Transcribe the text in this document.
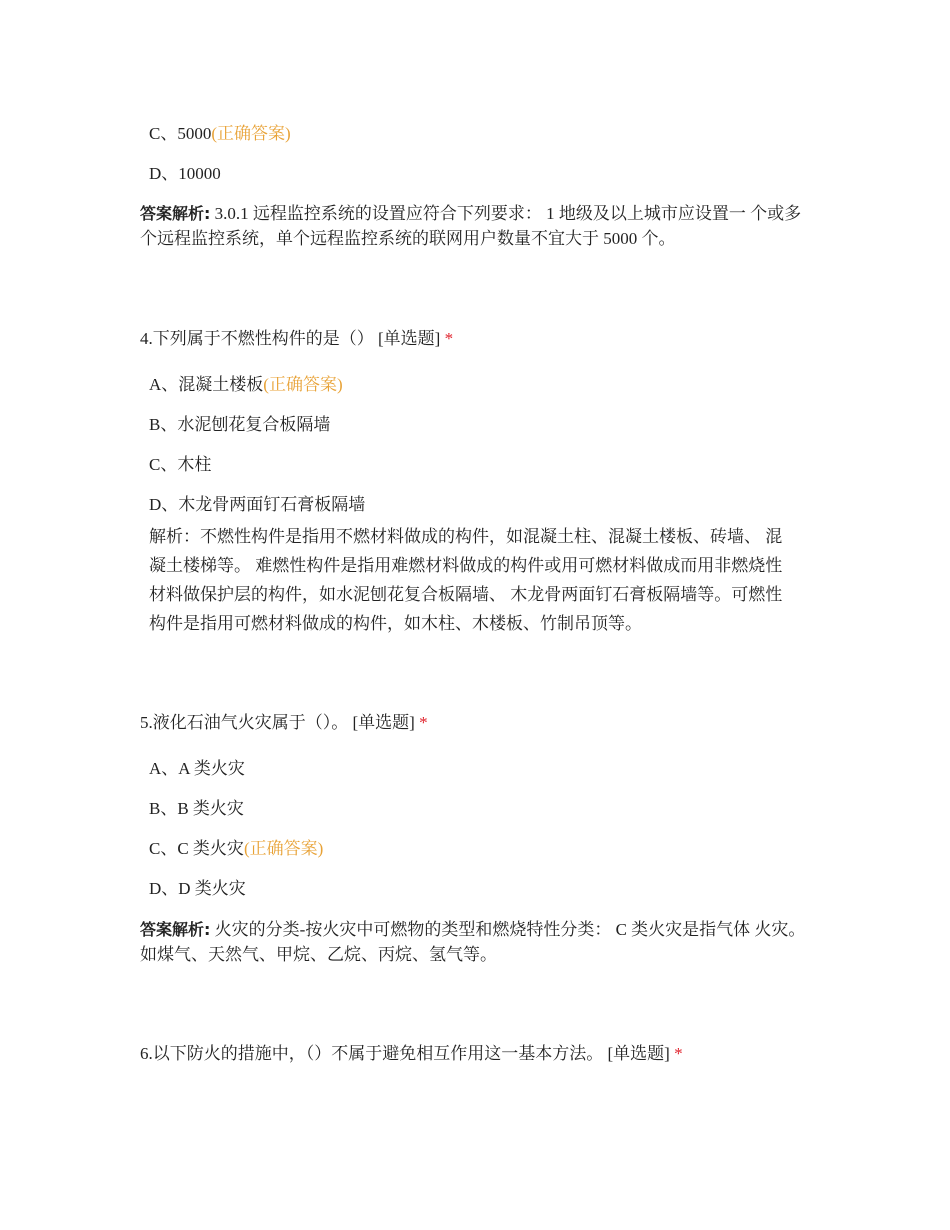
C、5000(正确答案)
D、10000
答案解析: 3.0.1 远程监控系统的设置应符合下列要求： 1 地级及以上城市应设置一 个或多个远程监控系统，单个远程监控系统的联网用户数量不宜大于 5000 个。
4.下列属于不燃性构件的是（） [单选题] *
A、混凝土楼板(正确答案)
B、水泥刨花复合板隔墙
C、木柱
D、木龙骨两面钉石膏板隔墙
解析：不燃性构件是指用不燃材料做成的构件，如混凝土柱、混凝土楼板、砖墙、 混凝土楼梯等。 难燃性构件是指用难燃材料做成的构件或用可燃材料做成而用非燃烧性材料做保护层的构件，如水泥刨花复合板隔墙、 木龙骨两面钉石膏板隔墙等。可燃性构件是指用可燃材料做成的构件，如木柱、木楼板、竹制吊顶等。
5.液化石油气火灾属于（）。 [单选题] *
A、A 类火灾
B、B 类火灾
C、C 类火灾(正确答案)
D、D 类火灾
答案解析: 火灾的分类-按火灾中可燃物的类型和燃烧特性分类： C 类火灾是指气体 火灾。 如煤气、天然气、甲烷、乙烷、丙烷、氢气等。
6.以下防火的措施中，（）不属于避免相互作用这一基本方法。 [单选题] *
